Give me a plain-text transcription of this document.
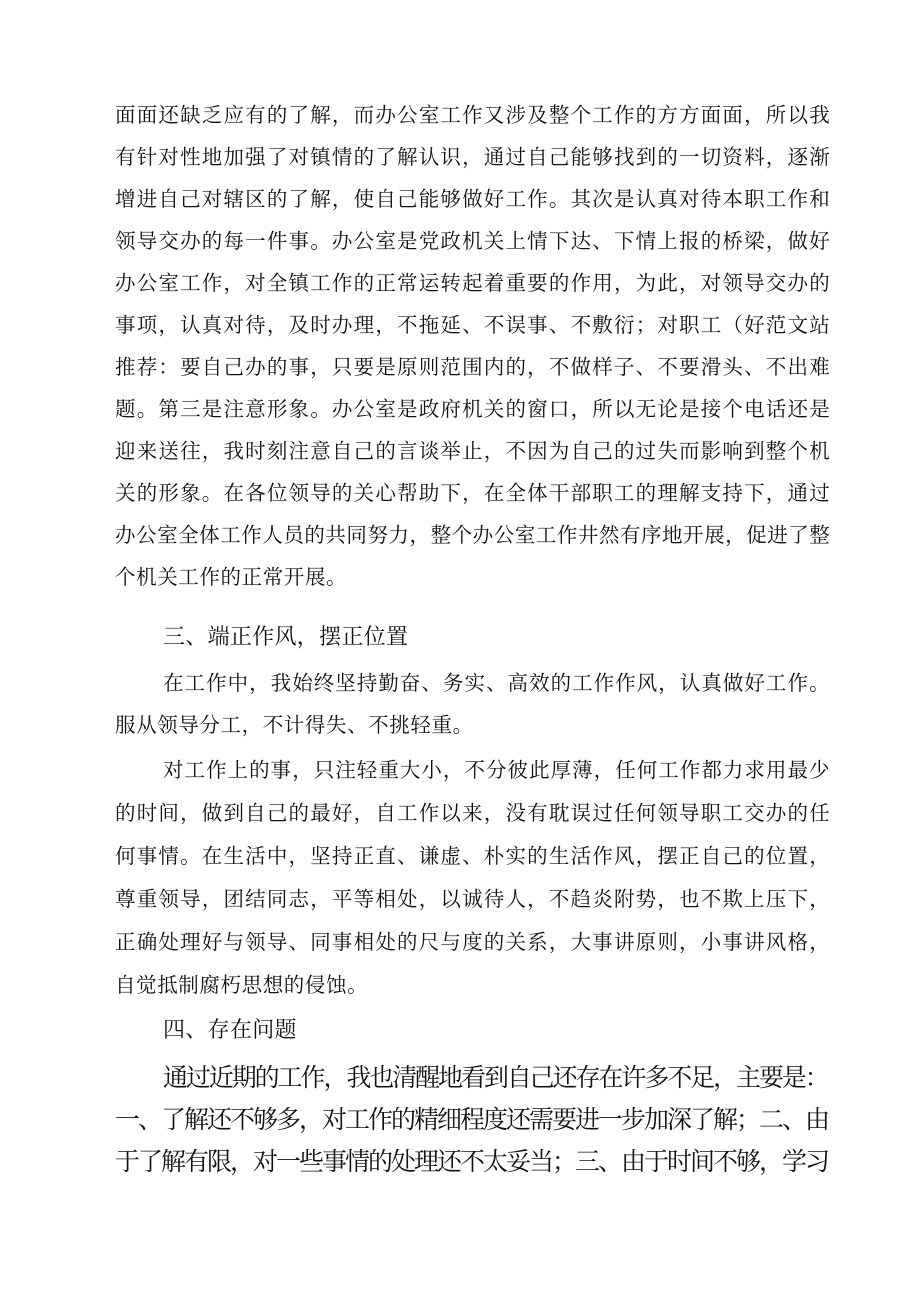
面面还缺乏应有的了解，而办公室工作又涉及整个工作的方方面面，所以我
有针对性地加强了对镇情的了解认识，通过自己能够找到的一切资料，逐渐
增进自己对辖区的了解，使自己能够做好工作。其次是认真对待本职工作和
领导交办的每一件事。办公室是党政机关上情下达、下情上报的桥梁，做好
办公室工作，对全镇工作的正常运转起着重要的作用，为此，对领导交办的
事项，认真对待，及时办理，不拖延、不误事、不敷衍；对职工（好范文站
推荐：要自己办的事，只要是原则范围内的，不做样子、不要滑头、不出难
题。第三是注意形象。办公室是政府机关的窗口，所以无论是接个电话还是
迎来送往，我时刻注意自己的言谈举止，不因为自己的过失而影响到整个机
关的形象。在各位领导的关心帮助下，在全体干部职工的理解支持下，通过
办公室全体工作人员的共同努力，整个办公室工作井然有序地开展，促进了整
个机关工作的正常开展。
三、端正作风，摆正位置
在工作中，我始终坚持勤奋、务实、高效的工作作风，认真做好工作。
服从领导分工，不计得失、不挑轻重。
对工作上的事，只注轻重大小，不分彼此厚薄，任何工作都力求用最少
的时间，做到自己的最好，自工作以来，没有耽误过任何领导职工交办的任
何事情。在生活中，坚持正直、谦虚、朴实的生活作风，摆正自己的位置，
尊重领导，团结同志，平等相处，以诚待人，不趋炎附势，也不欺上压下，
正确处理好与领导、同事相处的尺与度的关系，大事讲原则，小事讲风格，
自觉抵制腐朽思想的侵蚀。
四、存在问题
通过近期的工作，我也清醒地看到自己还存在许多不足，主要是：
一、了解还不够多，对工作的精细程度还需要进一步加深了解；二、由
于了解有限，对一些事情的处理还不太妥当；三、由于时间不够，学习
